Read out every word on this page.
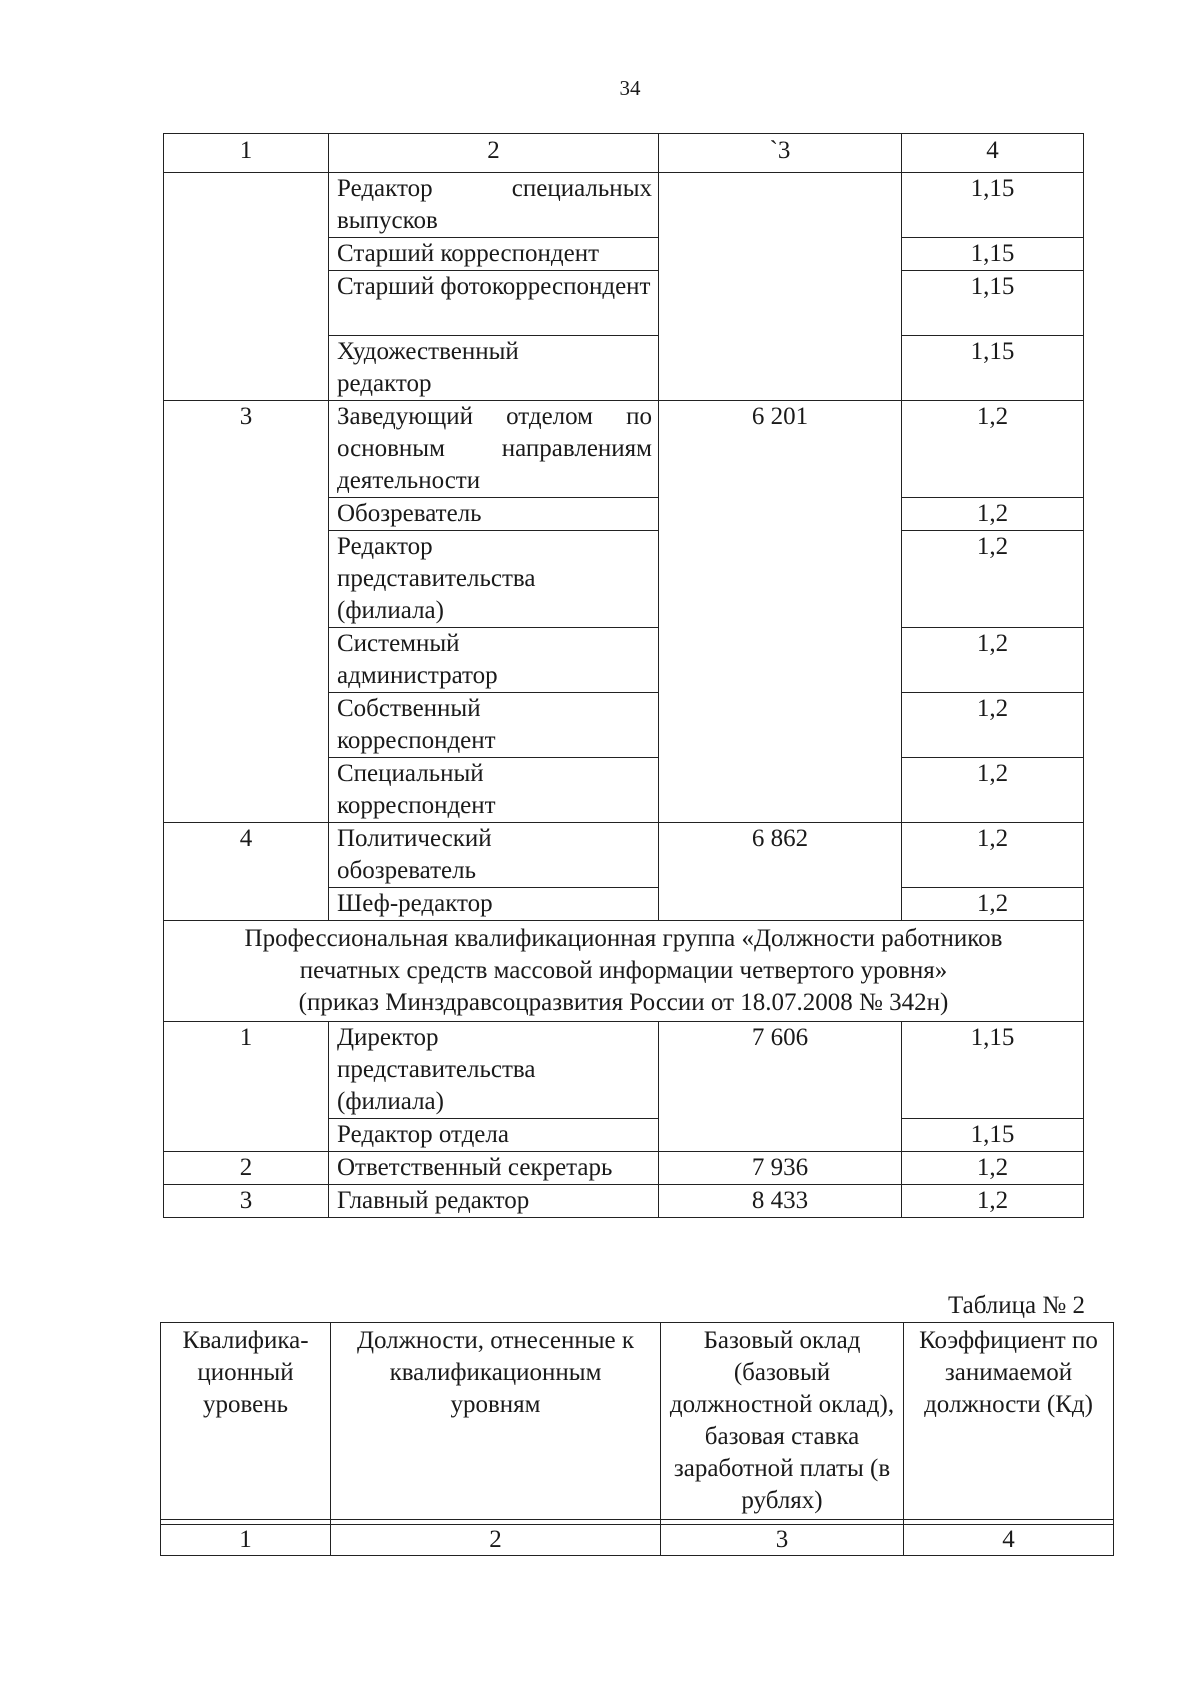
34
1	2	`3	4

	Редактор специальных выпусков		1,15
	Старший корреспондент		1,15
	Старший фотокорреспондент		1,15

	Художественный редактор		1,15
3	Заведующий отделом по основным направлениям деятельности	6 201	1,2
	Обозреватель		1,2

	Редактор представительства (филиала)		1,2

	Системный администратор		1,2

	Собственный корреспондент		1,2

	Специальный корреспондент		1,2
4	Политический обозреватель	6 862	1,2
	Шеф-редактор		1,2

Профессиональная квалификационная группа «Должности работников
печатных средств массовой информации четвертого уровня»
(приказ Минздравсоцразвития России от 18.07.2008 № 342н)			

1	Директор представительства (филиала)	7 606	1,15
	Редактор отдела		1,15
2	Ответственный секретарь	7 936	1,2
3	Главный редактор	8 433	1,2
Таблица № 2
Квалифика-ционный уровень	Должности, отнесенные к квалификационным уровням	Базовый оклад (базовый должностной оклад), базовая ставка заработной платы (в рублях)	Коэффициент по занимаемой должности (Кд)

1	2	3	4
